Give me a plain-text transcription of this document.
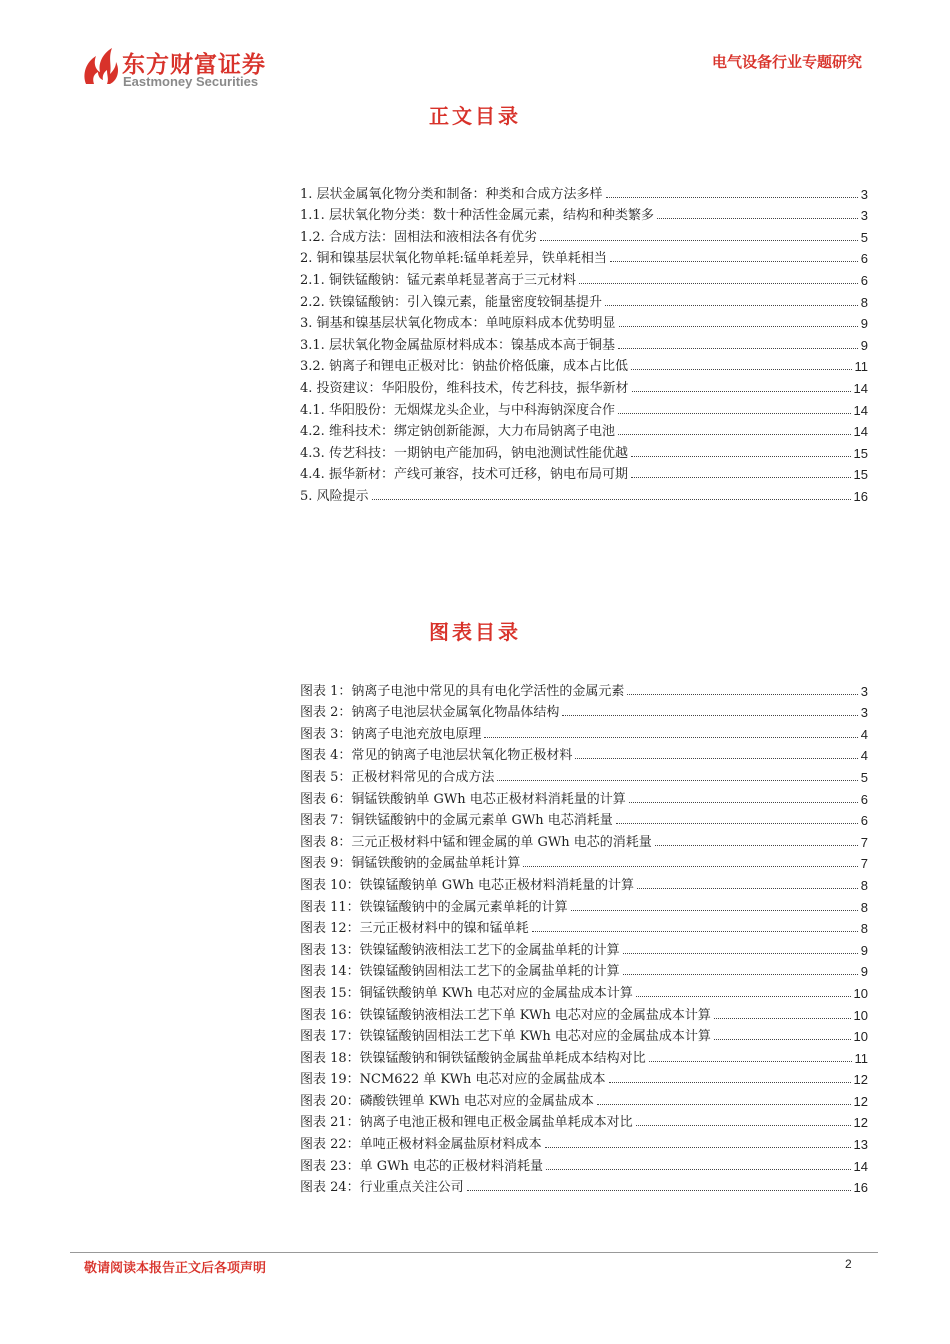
东方财富证券
Eastmoney Securities
电气设备行业专题研究
正文目录
1. 层状金属氧化物分类和制备：种类和合成方法多样	3
1.1. 层状氧化物分类：数十种活性金属元素，结构和种类繁多	3
1.2. 合成方法：固相法和液相法各有优劣	5
2. 铜和镍基层状氧化物单耗:锰单耗差异，铁单耗相当	6
2.1. 铜铁锰酸钠：锰元素单耗显著高于三元材料	6
2.2. 铁镍锰酸钠：引入镍元素，能量密度较铜基提升	8
3. 铜基和镍基层状氧化物成本：单吨原料成本优势明显	9
3.1. 层状氧化物金属盐原材料成本：镍基成本高于铜基	9
3.2. 钠离子和锂电正极对比：钠盐价格低廉，成本占比低	11
4. 投资建议：华阳股份，维科技术，传艺科技，振华新材	14
4.1. 华阳股份：无烟煤龙头企业，与中科海钠深度合作	14
4.2. 维科技术：绑定钠创新能源，大力布局钠离子电池	14
4.3. 传艺科技：一期钠电产能加码，钠电池测试性能优越	15
4.4. 振华新材：产线可兼容，技术可迁移，钠电布局可期	15
5. 风险提示	16
图表目录
图表 1：钠离子电池中常见的具有电化学活性的金属元素	3
图表 2：钠离子电池层状金属氧化物晶体结构	3
图表 3：钠离子电池充放电原理	4
图表 4：常见的钠离子电池层状氧化物正极材料	4
图表 5：正极材料常见的合成方法	5
图表 6：铜锰铁酸钠单 GWh 电芯正极材料消耗量的计算	6
图表 7：铜铁锰酸钠中的金属元素单 GWh 电芯消耗量	6
图表 8：三元正极材料中锰和锂金属的单 GWh 电芯的消耗量	7
图表 9：铜锰铁酸钠的金属盐单耗计算	7
图表 10：铁镍锰酸钠单 GWh 电芯正极材料消耗量的计算	8
图表 11：铁镍锰酸钠中的金属元素单耗的计算	8
图表 12：三元正极材料中的镍和锰单耗	8
图表 13：铁镍锰酸钠液相法工艺下的金属盐单耗的计算	9
图表 14：铁镍锰酸钠固相法工艺下的金属盐单耗的计算	9
图表 15：铜锰铁酸钠单 KWh 电芯对应的金属盐成本计算	10
图表 16：铁镍锰酸钠液相法工艺下单 KWh 电芯对应的金属盐成本计算	10
图表 17：铁镍锰酸钠固相法工艺下单 KWh 电芯对应的金属盐成本计算	10
图表 18：铁镍锰酸钠和铜铁锰酸钠金属盐单耗成本结构对比	11
图表 19：NCM622 单 KWh 电芯对应的金属盐成本	12
图表 20：磷酸铁锂单 KWh 电芯对应的金属盐成本	12
图表 21：钠离子电池正极和锂电正极金属盐单耗成本对比	12
图表 22：单吨正极材料金属盐原材料成本	13
图表 23：单 GWh 电芯的正极材料消耗量	14
图表 24：行业重点关注公司	16
敬请阅读本报告正文后各项声明	2
